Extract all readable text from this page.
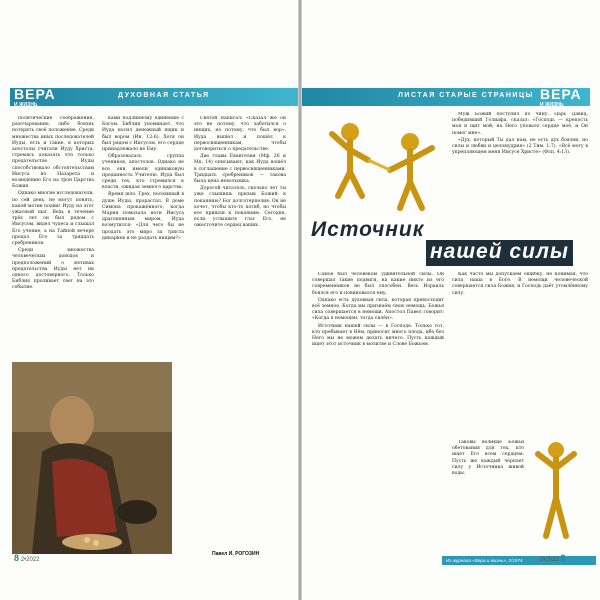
ВЕРА
И ЖИЗНЬ
ДУХОВНАЯ СТАТЬЯ

политические соображения, разочарование, либо боязнь потерять своё положение. Среди множества иных последователей Иуды, есть и такие, в которых апостолы считали Иуду Христа, стремясь доказать что только предательство Иуды способствовало обстоятельствам Иисуса из Назарета и возведению Его на трон Царства Божия.

Однако многие исследователи, по сей день, не могут понять, какой мотив подвиг Иуду на этот ужасный шаг. Ведь в течение трёх лет он был рядом с Иисусом, видел чудеса и слышал Его учение, а на Тайной вечере предал Его за тридцать сребреников.

Среди множества человеческих доводов и предположений о мотивах предательства Иуды нет ни одного достоверного. Только Библия проливает свет на это событие.

ками подлинному единению с Богом. Библия упоминает, что Иуда носил денежный ящик и был вором (Ин. 12:6). Хотя он был рядом с Иисусом, его сердце принадлежало не Ему.

Образовалась группа учеников, апостолов. Однако не все они имели одинаковую преданность Учителю. Иуда был среди тех, кто стремился к власти, ожидая земного царства.

Время шло. Грех, посеянный в душе Иуды, прорастал. В доме Симона прокажённого, когда Мария помазала ноги Иисуса драгоценным миром, Иуда возмутился: «Для чего бы не продать это миро за триста динариев и не раздать нищим?»

Святой написал: «Сказал же он это не потому, что заботился о нищих, но потому, что был вор». Иуда вышел и пошёл к первосвященникам, чтобы договориться о предательстве.

Две главы Евангелия (Мф. 26 и Мк. 14) описывают, как Иуда вошёл в соглашение с первосвященниками. Тридцать сребреников — такова была цена невольника.

Дорогой читатель, сколько лет ты уже слышишь призыв Божий к покаянию? Бог долготерпелив. Он не хочет, чтобы кто-то погиб, но чтобы все пришли к покаянию. Сегодня, если услышите глас Его, не ожесточите сердец ваших.

Павел И. РОГОЗИН
8 2•2022
ЛИСТАЯ СТАРЫЕ СТРАНИЦЫ ВЕРА
И ЖИЗНЬ

Самое был человеком удивительной силы. Он совершал такие подвиги, на какие никто из его современников не был способен. Весь Израиль боялся его и повиновался ему.

Однако есть духовная сила, которая превосходит всё земное. Когда мы признаём свою немощь, Божья сила совершается в немощи. Апостол Павел говорит: «Когда я немощен, тогда силён».

Источник нашей силы — в Господе. Только тот, кто пребывает в Нём, приносит много плода, ибо без Него мы не можем делать ничего. Пусть каждый ищет этот источник в молитве и Слове Божьем.

Муж Божий поступил по чину. Царь Давид, победивший Голиафа, сказал: «Господь — крепость моя и щит мой; на Него уповало сердце моё, и Он помог мне».

«Дух, который Ты дал нам, не есть дух боязни, но силы и любви и целомудрия» (2 Тим. 1:7). «Всё могу в укрепляющем меня Иисусе Христе» (Флп. 4:13).

Как часто мы допускаем ошибку, не понимая, что сила наша в Боге. В немощи человеческой совершается сила Божия, и Господь даёт утомлённому силу.

Таковы великие Божьи обетования для тех, кто ищет Его всем сердцем. Пусть же каждый черпает силу у Источника живой воды.

Из журнала «Вера и жизнь», 2/1974	2•2022 9
Источник
нашей силы
